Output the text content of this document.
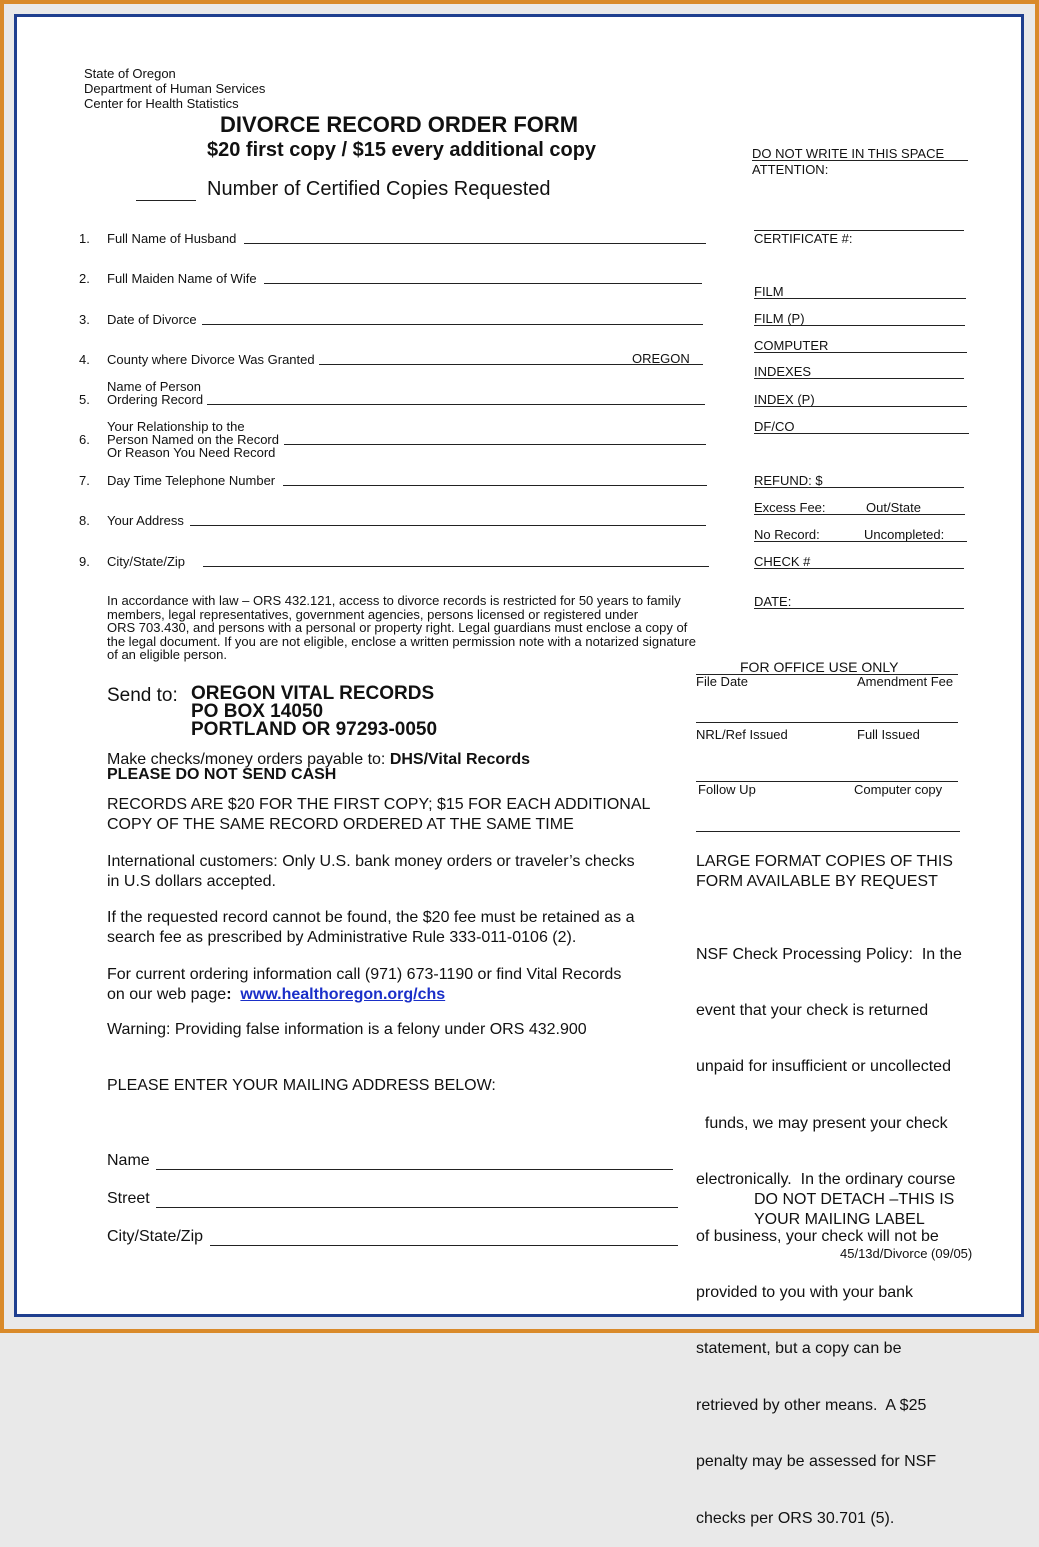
State of Oregon
Department of Human Services
Center for Health Statistics
DIVORCE RECORD ORDER FORM
$20 first copy / $15 every additional copy
Number of Certified Copies Requested
DO NOT WRITE IN THIS SPACE
ATTENTION:
CERTIFICATE #:
FILM
FILM (P)
COMPUTER
INDEXES
INDEX (P)
DF/CO
REFUND: $
Excess Fee:	Out/State
No Record:	Uncompleted:
CHECK #
DATE:
1. Full Name of Husband
2. Full Maiden Name of Wife
3. Date of Divorce
4. County where Divorce Was Granted	OREGON
Name of Person
5. Ordering Record
Your Relationship to the
6. Person Named on the Record
Or Reason You Need Record
7. Day Time Telephone Number
8. Your Address
9. City/State/Zip
In accordance with law – ORS 432.121, access to divorce records is restricted for 50 years to family
members, legal representatives, government agencies, persons licensed or registered under
ORS 703.430, and persons with a personal or property right. Legal guardians must enclose a copy of
the legal document. If you are not eligible, enclose a written permission note with a notarized signature
of an eligible person.
FOR OFFICE USE ONLY
File Date	Amendment Fee
NRL/Ref Issued	Full Issued
Follow Up	Computer copy
Send to: OREGON VITAL RECORDS
PO BOX 14050
PORTLAND OR 97293-0050
Make checks/money orders payable to: DHS/Vital Records
PLEASE DO NOT SEND CASH
RECORDS ARE $20 FOR THE FIRST COPY; $15 FOR EACH ADDITIONAL
COPY OF THE SAME RECORD ORDERED AT THE SAME TIME
International customers: Only U.S. bank money orders or traveler’s checks
in U.S dollars accepted.
If the requested record cannot be found, the $20 fee must be retained as a
search fee as prescribed by Administrative Rule 333-011-0106 (2).
For current ordering information call (971) 673-1190 or find Vital Records
on our web page: www.healthoregon.org/chs
Warning: Providing false information is a felony under ORS 432.900
PLEASE ENTER YOUR MAILING ADDRESS BELOW:
LARGE FORMAT COPIES OF THIS
FORM AVAILABLE BY REQUEST

NSF Check Processing Policy:  In the

event that your check is returned

unpaid for insufficient or uncollected

funds, we may present your check

electronically.  In the ordinary course

of business, your check will not be

provided to you with your bank

statement, but a copy can be

retrieved by other means.  A $25

penalty may be assessed for NSF

checks per ORS 30.701 (5).

Name
Street
City/State/Zip
DO NOT DETACH –THIS IS
YOUR MAILING LABEL
45/13d/Divorce (09/05)
